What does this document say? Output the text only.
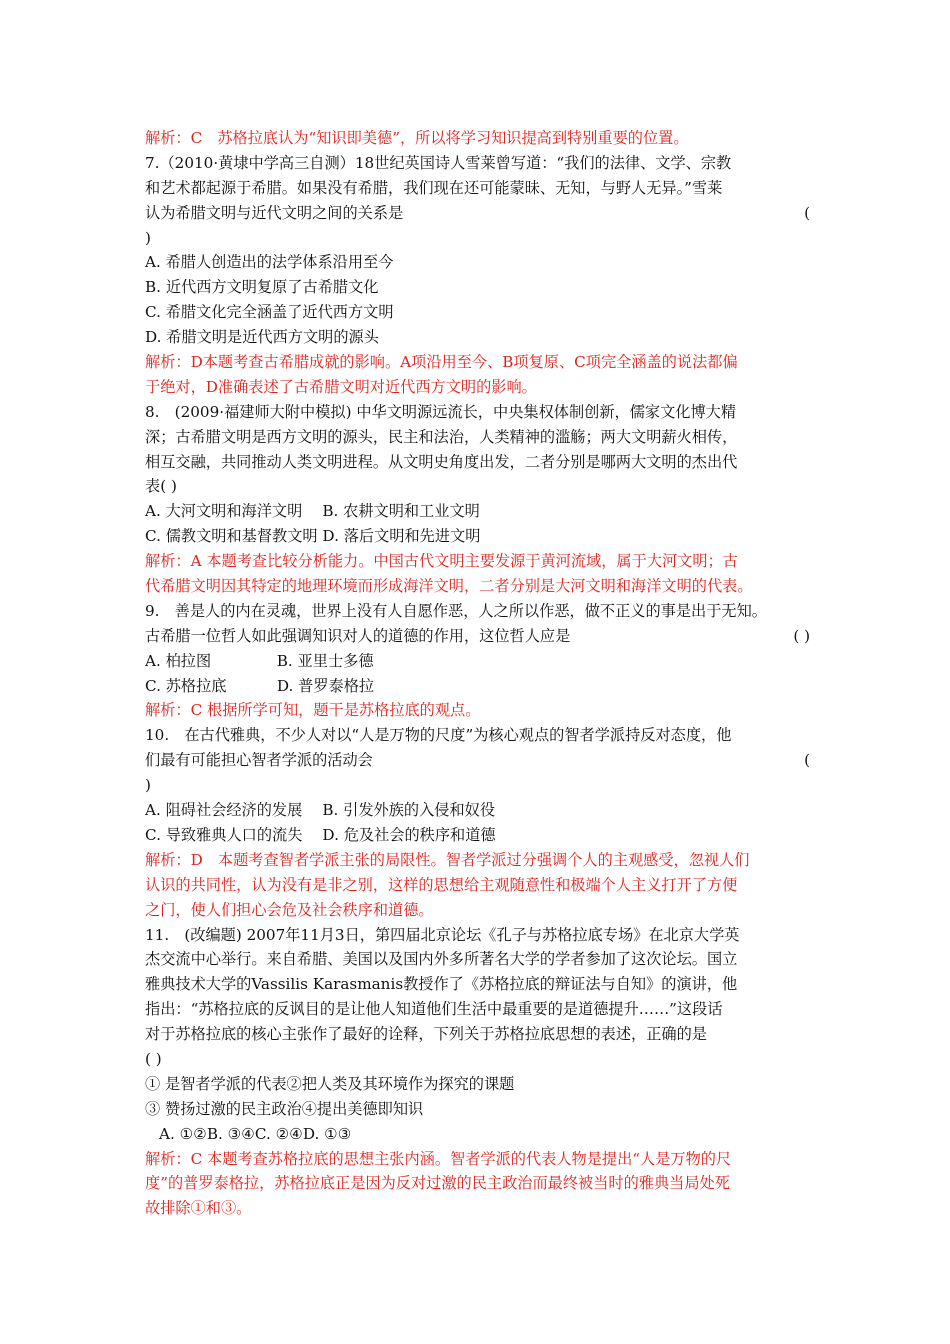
解析：C　苏格拉底认为“知识即美德”，所以将学习知识提高到特别重要的位置。
7.（2010·黄埭中学高三自测）18世纪英国诗人雪莱曾写道：“我们的法律、文学、宗教
和艺术都起源于希腊。如果没有希腊，我们现在还可能蒙昧、无知，与野人无异。”雪莱
认为希腊文明与近代文明之间的关系是	(
)
A. 希腊人创造出的法学体系沿用至今
B. 近代西方文明复原了古希腊文化
C. 希腊文化完全涵盖了近代西方文明
D. 希腊文明是近代西方文明的源头
解析：D本题考查古希腊成就的影响。A项沿用至今、B项复原、C项完全涵盖的说法都偏
于绝对，D准确表述了古希腊文明对近代西方文明的影响。
8.　(2009·福建师大附中模拟) 中华文明源远流长，中央集权体制创新，儒家文化博大精
深；古希腊文明是西方文明的源头，民主和法治，人类精神的滥觞；两大文明薪火相传，
相互交融，共同推动人类文明进程。从文明史角度出发，二者分别是哪两大文明的杰出代
表( )
A. 大河文明和海洋文明　 B. 农耕文明和工业文明
C. 儒教文明和基督教文明 D. 落后文明和先进文明
解析：A 本题考查比较分析能力。中国古代文明主要发源于黄河流域，属于大河文明；古
代希腊文明因其特定的地理环境而形成海洋文明，二者分别是大河文明和海洋文明的代表。
9.　善是人的内在灵魂，世界上没有人自愿作恶，人之所以作恶，做不正义的事是出于无知。
古希腊一位哲人如此强调知识对人的道德的作用，这位哲人应是	( )
A. 柏拉图　　　　 B. 亚里士多德
C. 苏格拉底　　　 D. 普罗泰格拉
解析：C 根据所学可知，题干是苏格拉底的观点。
10.　在古代雅典，不少人对以“人是万物的尺度”为核心观点的智者学派持反对态度，他
们最有可能担心智者学派的活动会	(
)
A. 阻碍社会经济的发展　 B. 引发外族的入侵和奴役
C. 导致雅典人口的流失　 D. 危及社会的秩序和道德
解析：D　本题考查智者学派主张的局限性。智者学派过分强调个人的主观感受，忽视人们
认识的共同性，认为没有是非之别，这样的思想给主观随意性和极端个人主义打开了方便
之门，使人们担心会危及社会秩序和道德。
11.　(改编题) 2007年11月3日，第四届北京论坛《孔子与苏格拉底专场》在北京大学英
杰交流中心举行。来自希腊、美国以及国内外多所著名大学的学者参加了这次论坛。国立
雅典技术大学的Vassilis Karasmanis教授作了《苏格拉底的辩证法与自知》的演讲，他
指出：“苏格拉底的反讽目的是让他人知道他们生活中最重要的是道德提升……”这段话
对于苏格拉底的核心主张作了最好的诠释，下列关于苏格拉底思想的表述，正确的是
( )
① 是智者学派的代表②把人类及其环境作为探究的课题
③ 赞扬过激的民主政治④提出美德即知识
A. ①②B. ③④C. ②④D. ①③
解析：C 本题考查苏格拉底的思想主张内涵。智者学派的代表人物是提出“人是万物的尺
度”的普罗泰格拉，苏格拉底正是因为反对过激的民主政治而最终被当时的雅典当局处死
故排除①和③。
